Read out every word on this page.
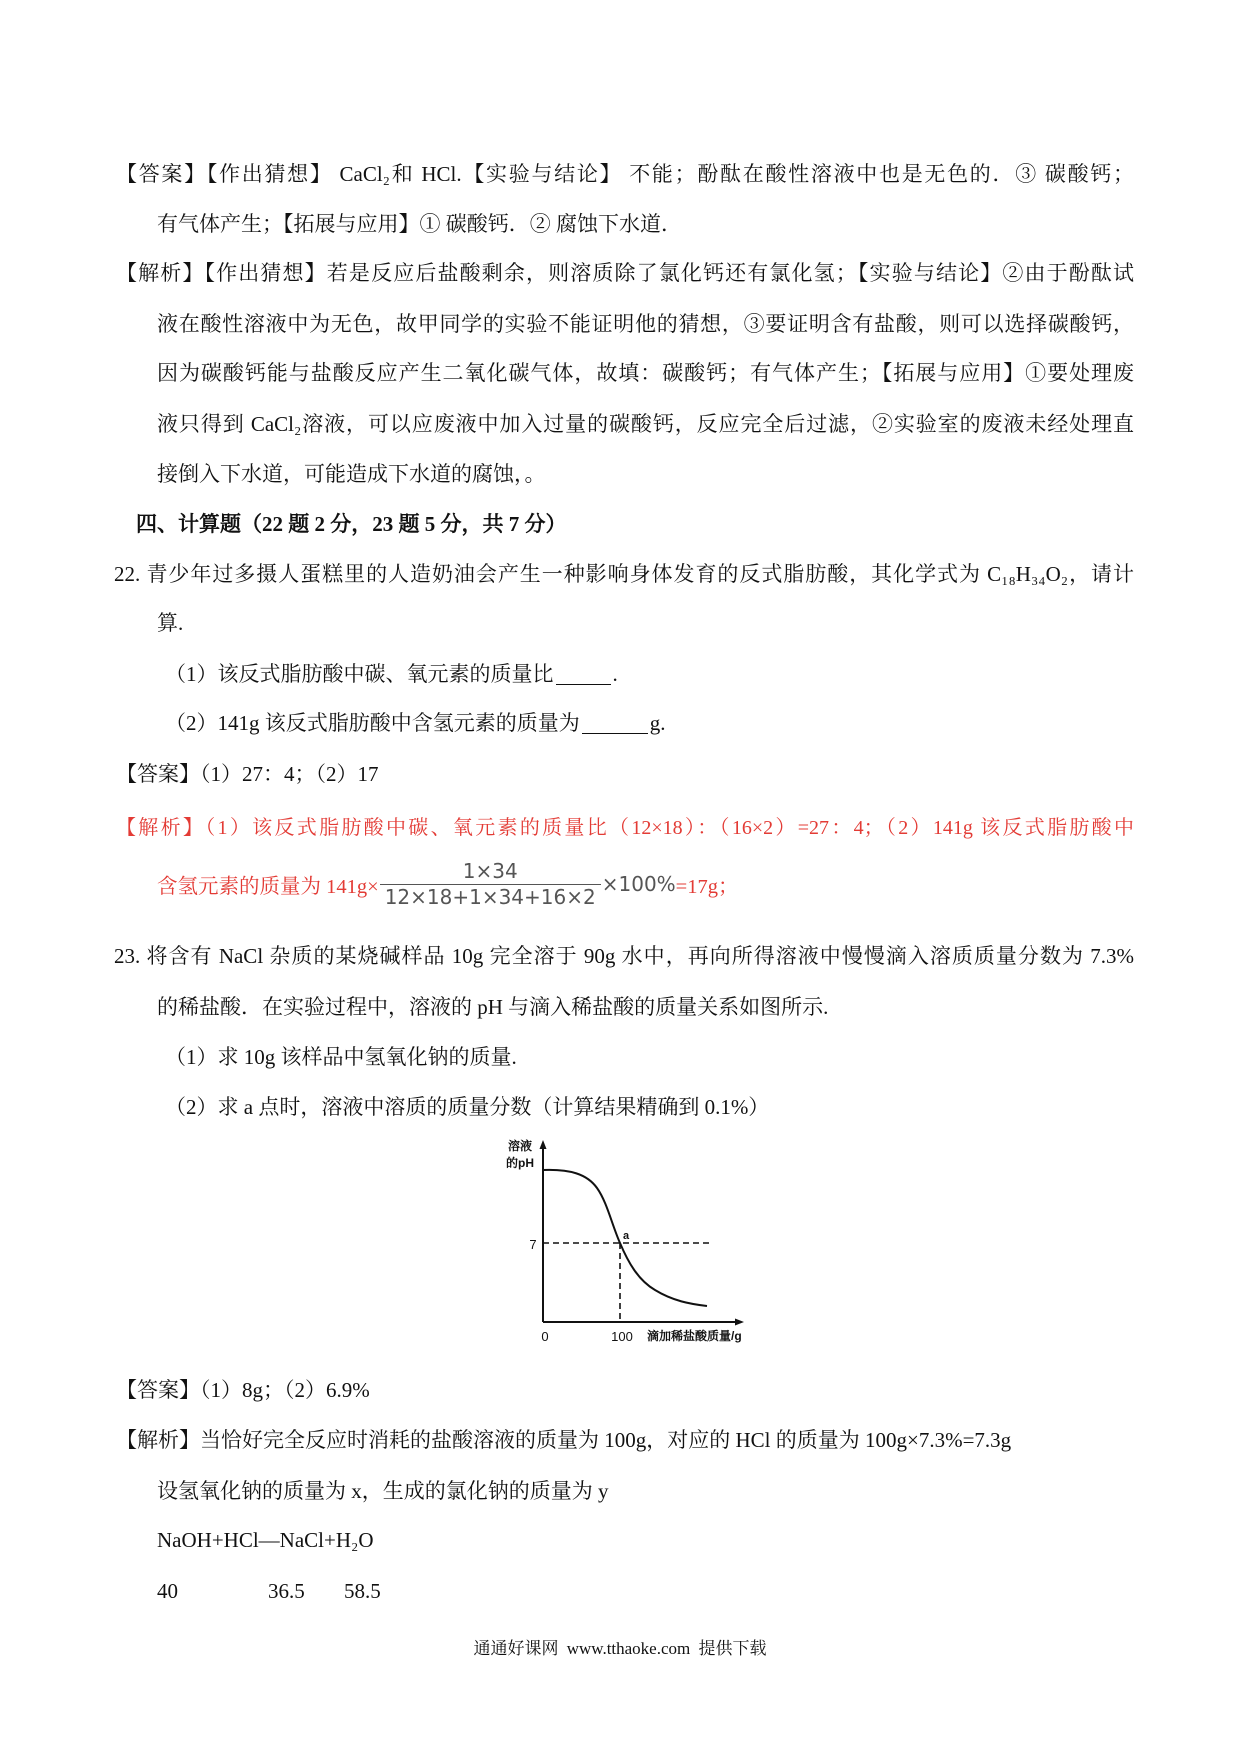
【答案】【作出猜想】 CaCl₂和 HCl.【实验与结论】 不能；酚酞在酸性溶液中也是无色的．③ 碳酸钙；
有气体产生；【拓展与应用】① 碳酸钙．② 腐蚀下水道．
【解析】【作出猜想】若是反应后盐酸剩余，则溶质除了氯化钙还有氯化氢；【实验与结论】②由于酚酞试
液在酸性溶液中为无色，故甲同学的实验不能证明他的猜想，③要证明含有盐酸，则可以选择碳酸钙，
因为碳酸钙能与盐酸反应产生二氧化碳气体，故填：碳酸钙；有气体产生；【拓展与应用】①要处理废
液只得到 CaCl₂溶液，可以应废液中加入过量的碳酸钙，反应完全后过滤，②实验室的废液未经处理直
接倒入下水道，可能造成下水道的腐蚀，。
四、计算题（22 题 2 分，23 题 5 分，共 7 分）
22. 青少年过多摄人蛋糕里的人造奶油会产生一种影响身体发育的反式脂肪酸，其化学式为 C₁₈H₃₄O₂，请计
算.
（1）该反式脂肪酸中碳、氧元素的质量比	.
（2）141g 该反式脂肪酸中含氢元素的质量为	g.
【答案】（1）27：4；（2）17
【解析】（1）该反式脂肪酸中碳、氧元素的质量比（12×18）：（16×2）=27：4；（2）141g 该反式脂肪酸中
含氢元素的质量为 $141g\times \frac{1\times 34}{12\times 18+1\times 34+16\times 2} \times 100\% =17g$；
23. 将含有 NaCl 杂质的某烧碱样品 10g 完全溶于 90g 水中，再向所得溶液中慢慢滴入溶质质量分数为 7.3%
的稀盐酸．在实验过程中，溶液的 pH 与滴入稀盐酸的质量关系如图所示.
（1）求 10g 该样品中氢氧化钠的质量.
（2）求 a 点时，溶液中溶质的质量分数（计算结果精确到 0.1%）
溶液
的pH
7
a
0	100 滴加稀盐酸质量/g
【答案】（1）8g；（2）6.9%
【解析】当恰好完全反应时消耗的盐酸溶液的质量为 100g，对应的 HCl 的质量为 100g×7.3%=7.3g
设氢氧化钠的质量为 x，生成的氯化钠的质量为 y
NaOH+HCl—NaCl+H₂O
40	36.5 58.5
通通好课网 www.tthaoke.com 提供下载
